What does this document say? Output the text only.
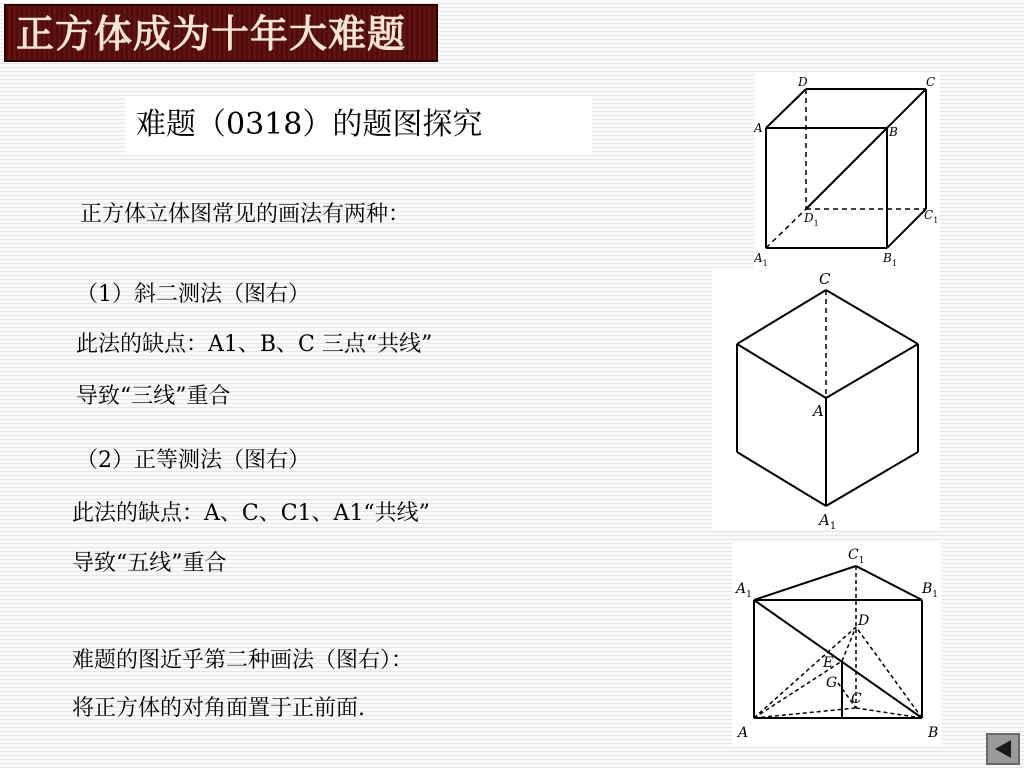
正方体成为十年大难题
难题（0318）的题图探究
正方体立体图常见的画法有两种：
（1）斜二测法（图右）
此法的缺点：A1、B、C 三点“共线”
导致“三线”重合
（2）正等测法（图右）
此法的缺点：A、C、C1、A1“共线”
导致“五线”重合
难题的图近乎第二种画法（图右）：
将正方体的对角面置于正前面.
D	C
A	B
$D_1$
$C_1$
$A_1$	$B_1$
C
A
$A_1$
$C_1$
$A_1$	$B_1$
D
E
G
C
A	B
